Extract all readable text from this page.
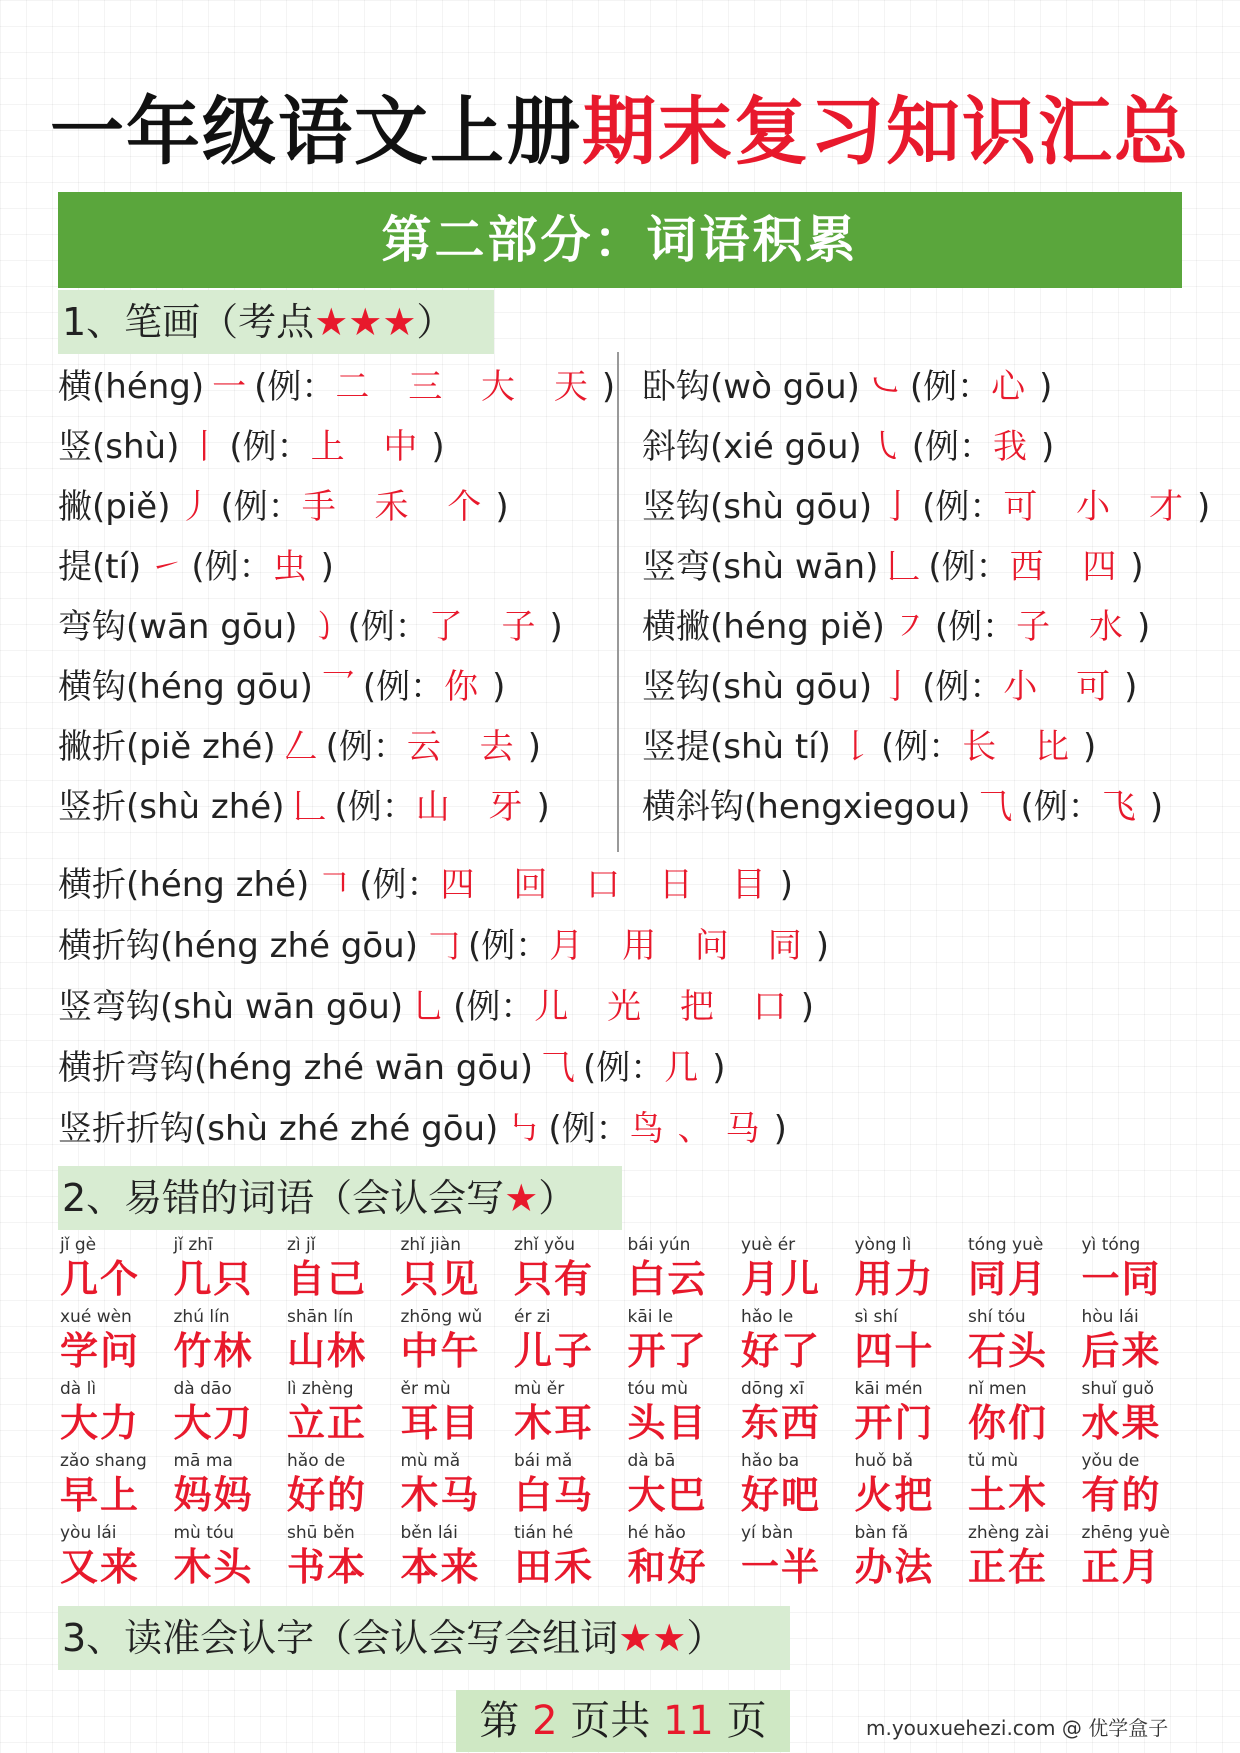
一年级语文上册期末复习知识汇总
第二部分：词语积累
1、笔画（考点★★★）
横(héng) 一 (例：二 三 大 天)
竖(shù) 丨 (例：上 中)
撇(piě) 丿 (例：手 禾 个)
提(tí) ㇀ (例：虫)
弯钩(wān gōu) ㇁ (例：了 子)
横钩(héng gōu) 乛 (例：你)
撇折(piě zhé) 𠃋 (例：云 去)
竖折(shù zhé) 𠃊 (例：山 牙)
卧钩(wò gōu) ㇃ (例：心)
斜钩(xié gōu) ㇂ (例：我)
竖钩(shù gōu) 亅 (例：可 小 才)
竖弯(shù wān) 𠃊 (例：西 四)
横撇(héng piě) ㇇ (例：子 水)
竖钩(shù gōu) 亅 (例：小 可)
竖提(shù tí) 𠄌 (例：长 比)
横斜钩(hengxiegou) ⺄ (例：飞)
横折(héng zhé) 𠃍 (例：四 回 口 日 目)
横折钩(héng zhé gōu) 𠃌 (例：月 用 问 同)
竖弯钩(shù wān gōu) 乚 (例：儿 光 把 口)
横折弯钩(héng zhé wān gōu) ⺄ (例：几)
竖折折钩(shù zhé zhé gōu) ㇉ (例：鸟、马)
2、易错的词语（会认会写★）
jǐ gè
几个
jǐ zhī
几只
zì jǐ
自己
zhǐ jiàn
只见
zhǐ yǒu
只有
bái yún
白云
yuè ér
月儿
yòng lì
用力
tóng yuè
同月
yì tóng
一同
xué wèn
学问
zhú lín
竹林
shān lín
山林
zhōng wǔ
中午
ér zi
儿子
kāi le
开了
hǎo le
好了
sì shí
四十
shí tóu
石头
hòu lái
后来
dà lì
大力
dà dāo
大刀
lì zhèng
立正
ěr mù
耳目
mù ěr
木耳
tóu mù
头目
dōng xī
东西
kāi mén
开门
nǐ men
你们
shuǐ guǒ
水果
zǎo shang
早上
mā ma
妈妈
hǎo de
好的
mù mǎ
木马
bái mǎ
白马
dà bā
大巴
hǎo ba
好吧
huǒ bǎ
火把
tǔ mù
土木
yǒu de
有的
yòu lái
又来
mù tóu
木头
shū běn
书本
běn lái
本来
tián hé
田禾
hé hǎo
和好
yí bàn
一半
bàn fǎ
办法
zhèng zài
正在
zhēng yuè
正月
3、读准会认字（会认会写会组词★★）
第 2 页共 11 页	m.youxuehezi.com @ 优学盒子
